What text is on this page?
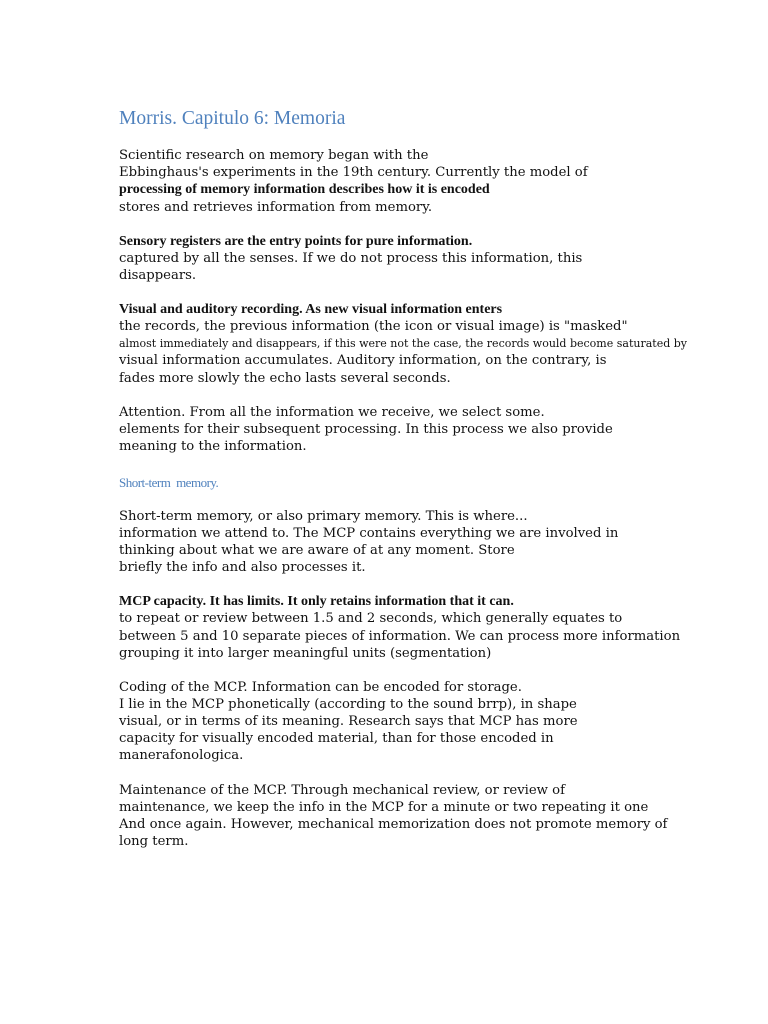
Morris. Capitulo 6: Memoria

Scientific research on memory began with the

Ebbinghaus's experiments in the 19th century. Currently the model of

processing of memory information describes how it is encoded

stores and retrieves information from memory.

Sensory registers are the entry points for pure information.

captured by all the senses. If we do not process this information, this

disappears.

Visual and auditory recording. As new visual information enters

the records, the previous information (the icon or visual image) is "masked"

almost immediately and disappears, if this were not the case, the records would become saturated by

visual information accumulates. Auditory information, on the contrary, is

fades more slowly the echo lasts several seconds.

Attention. From all the information we receive, we select some.

elements for their subsequent processing. In this process we also provide

meaning to the information.

Short-term memory.

Short-term memory, or also primary memory. This is where...

information we attend to. The MCP contains everything we are involved in

thinking about what we are aware of at any moment. Store

briefly the info and also processes it.

MCP capacity. It has limits. It only retains information that it can.

to repeat or review between 1.5 and 2 seconds, which generally equates to

between 5 and 10 separate pieces of information. We can process more information

grouping it into larger meaningful units (segmentation)

Coding of the MCP. Information can be encoded for storage.

I lie in the MCP phonetically (according to the sound brrp), in shape

visual, or in terms of its meaning. Research says that MCP has more

capacity for visually encoded material, than for those encoded in

manerafonologica.

Maintenance of the MCP. Through mechanical review, or review of

maintenance, we keep the info in the MCP for a minute or two repeating it one

And once again. However, mechanical memorization does not promote memory of

long term.
